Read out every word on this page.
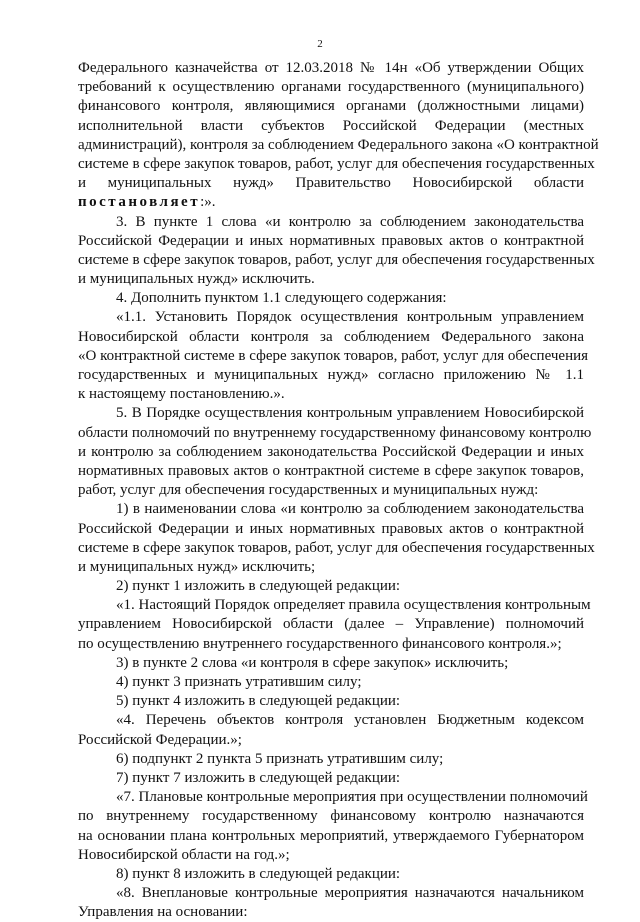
2
Федерального казначейства от 12.03.2018 № 14н «Об утверждении Общих
требований к осуществлению органами государственного (муниципального)
финансового контроля, являющимися органами (должностными лицами)
исполнительной власти субъектов Российской Федерации (местных
администраций), контроля за соблюдением Федерального закона «О контрактной
системе в сфере закупок товаров, работ, услуг для обеспечения государственных
и муниципальных нужд» Правительство Новосибирской области
постановляет:».
3. В пункте 1 слова «и контролю за соблюдением законодательства
Российской Федерации и иных нормативных правовых актов о контрактной
системе в сфере закупок товаров, работ, услуг для обеспечения государственных
и муниципальных нужд» исключить.
4. Дополнить пунктом 1.1 следующего содержания:
«1.1. Установить Порядок осуществления контрольным управлением
Новосибирской области контроля за соблюдением Федерального закона
«О контрактной системе в сфере закупок товаров, работ, услуг для обеспечения
государственных и муниципальных нужд» согласно приложению № 1.1
к настоящему постановлению.».
5. В Порядке осуществления контрольным управлением Новосибирской
области полномочий по внутреннему государственному финансовому контролю
и контролю за соблюдением законодательства Российской Федерации и иных
нормативных правовых актов о контрактной системе в сфере закупок товаров,
работ, услуг для обеспечения государственных и муниципальных нужд:
1) в наименовании слова «и контролю за соблюдением законодательства
Российской Федерации и иных нормативных правовых актов о контрактной
системе в сфере закупок товаров, работ, услуг для обеспечения государственных
и муниципальных нужд» исключить;
2) пункт 1 изложить в следующей редакции:
«1. Настоящий Порядок определяет правила осуществления контрольным
управлением Новосибирской области (далее – Управление) полномочий
по осуществлению внутреннего государственного финансового контроля.»;
3) в пункте 2 слова «и контроля в сфере закупок» исключить;
4) пункт 3 признать утратившим силу;
5) пункт 4 изложить в следующей редакции:
«4. Перечень объектов контроля установлен Бюджетным кодексом
Российской Федерации.»;
6) подпункт 2 пункта 5 признать утратившим силу;
7) пункт 7 изложить в следующей редакции:
«7. Плановые контрольные мероприятия при осуществлении полномочий
по внутреннему государственному финансовому контролю назначаются
на основании плана контрольных мероприятий, утверждаемого Губернатором
Новосибирской области на год.»;
8) пункт 8 изложить в следующей редакции:
«8. Внеплановые контрольные мероприятия назначаются начальником
Управления на основании:
